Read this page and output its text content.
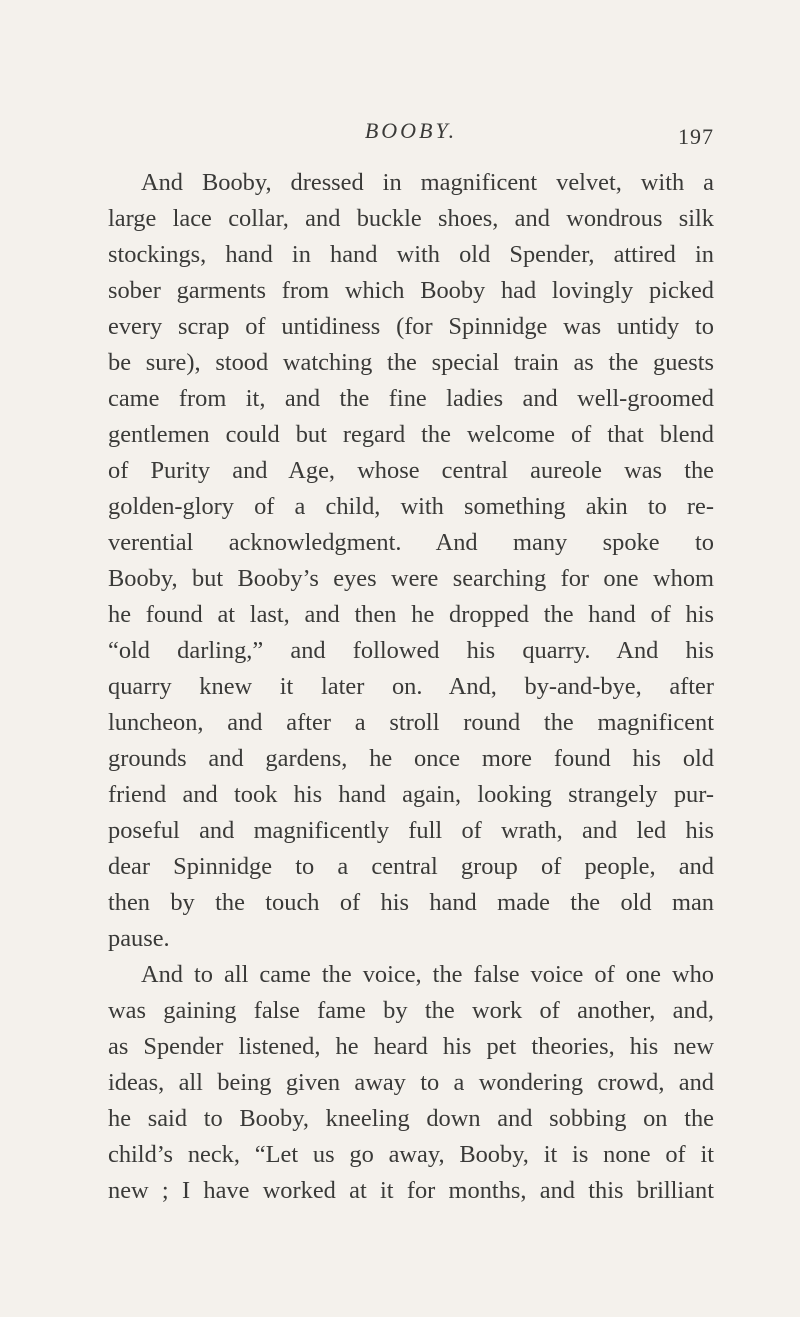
BOOBY.	197
And Booby, dressed in magnificent velvet, with a
large lace collar, and buckle shoes, and wondrous silk
stockings, hand in hand with old Spender, attired in
sober garments from which Booby had lovingly picked
every scrap of untidiness (for Spinnidge was untidy to
be sure), stood watching the special train as the guests
came from it, and the fine ladies and well-groomed
gentlemen could but regard the welcome of that blend
of Purity and Age, whose central aureole was the
golden-glory of a child, with something akin to re-
verential acknowledgment. And many spoke to
Booby, but Booby’s eyes were searching for one whom
he found at last, and then he dropped the hand of his
“old darling,” and followed his quarry. And his
quarry knew it later on. And, by-and-bye, after
luncheon, and after a stroll round the magnificent
grounds and gardens, he once more found his old
friend and took his hand again, looking strangely pur-
poseful and magnificently full of wrath, and led his
dear Spinnidge to a central group of people, and
then by the touch of his hand made the old man
pause.
And to all came the voice, the false voice of one who
was gaining false fame by the work of another, and,
as Spender listened, he heard his pet theories, his new
ideas, all being given away to a wondering crowd, and
he said to Booby, kneeling down and sobbing on the
child’s neck, “Let us go away, Booby, it is none of it
new ; I have worked at it for months, and this brilliant
